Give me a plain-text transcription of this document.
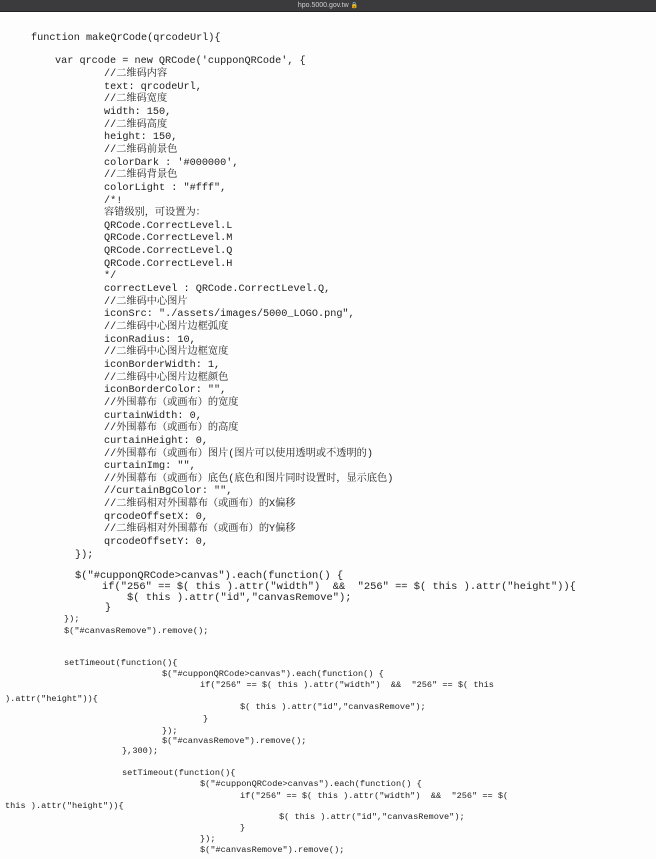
hpo.5000.gov.tw 🔒
function makeQrCode(qrcodeUrl){
var qrcode = new QRCode('cupponQRCode', {
//二维码内容
text: qrcodeUrl,
//二维码宽度
width: 150,
//二维码高度
height: 150,
//二维码前景色
colorDark : '#000000',
//二维码背景色
colorLight : "#fff",
/*!
容错级别，可设置为：
QRCode.CorrectLevel.L
QRCode.CorrectLevel.M
QRCode.CorrectLevel.Q
QRCode.CorrectLevel.H
*/
correctLevel : QRCode.CorrectLevel.Q,
//二维码中心图片
iconSrc: "./assets/images/5000_LOGO.png",
//二维码中心图片边框弧度
iconRadius: 10,
//二维码中心图片边框宽度
iconBorderWidth: 1,
//二维码中心图片边框颜色
iconBorderColor: "",
//外围幕布（或画布）的宽度
curtainWidth: 0,
//外围幕布（或画布）的高度
curtainHeight: 0,
//外围幕布（或画布）图片(图片可以使用透明或不透明的)
curtainImg: "",
//外围幕布（或画布）底色(底色和图片同时设置时，显示底色)
//curtainBgColor: "",
//二维码相对外围幕布（或画布）的X偏移
qrcodeOffsetX: 0,
//二维码相对外围幕布（或画布）的Y偏移
qrcodeOffsetY: 0,
});
$("#cupponQRCode>canvas").each(function() {
if("256" == $( this ).attr("width")  &&  "256" == $( this ).attr("height")){
$( this ).attr("id","canvasRemove");
}
});
$("#canvasRemove").remove();
setTimeout(function(){
$("#cupponQRCode>canvas").each(function() {
if("256" == $( this ).attr("width")  &&  "256" == $( this
).attr("height")){
$( this ).attr("id","canvasRemove");
}
});
$("#canvasRemove").remove();
},300);
setTimeout(function(){
$("#cupponQRCode>canvas").each(function() {
if("256" == $( this ).attr("width")  &&  "256" == $(
this ).attr("height")){
$( this ).attr("id","canvasRemove");
}
});
$("#canvasRemove").remove();
